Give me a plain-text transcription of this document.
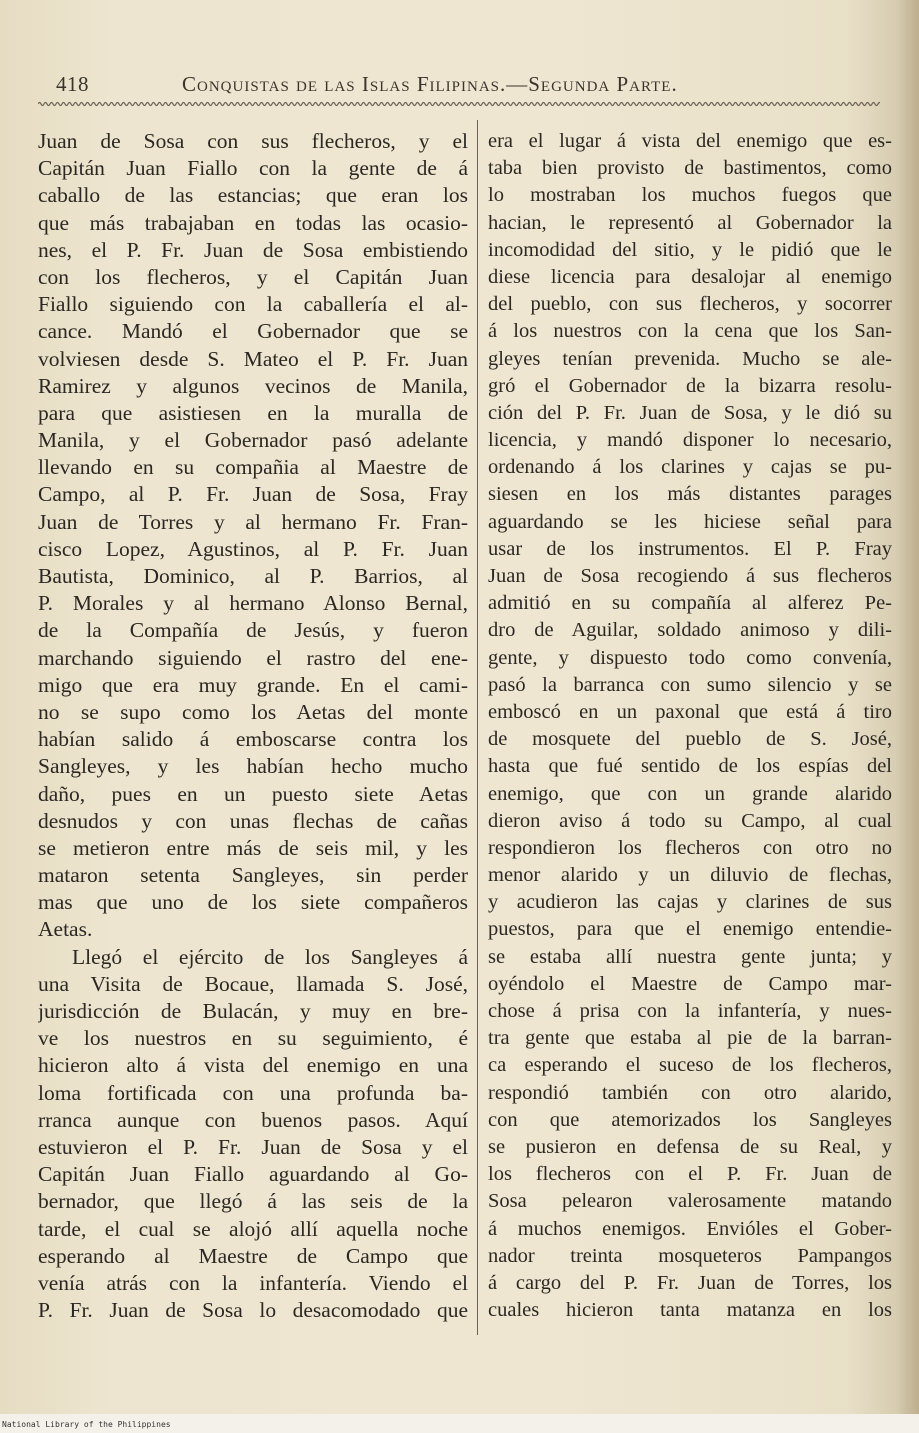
418	Conquistas de las Islas Filipinas.—Segunda Parte.
Juan de Sosa con sus flecheros, y el
Capitán Juan Fiallo con la gente de á
caballo de las estancias; que eran los
que más trabajaban en todas las ocasio-
nes, el P. Fr. Juan de Sosa embistiendo
con los flecheros, y el Capitán Juan
Fiallo siguiendo con la caballería el al-
cance. Mandó el Gobernador que se
volviesen desde S. Mateo el P. Fr. Juan
Ramirez y algunos vecinos de Manila,
para que asistiesen en la muralla de
Manila, y el Gobernador pasó adelante
llevando en su compañia al Maestre de
Campo, al P. Fr. Juan de Sosa, Fray
Juan de Torres y al hermano Fr. Fran-
cisco Lopez, Agustinos, al P. Fr. Juan
Bautista, Dominico, al P. Barrios, al
P. Morales y al hermano Alonso Bernal,
de la Compañía de Jesús, y fueron
marchando siguiendo el rastro del ene-
migo que era muy grande. En el cami-
no se supo como los Aetas del monte
habían salido á emboscarse contra los
Sangleyes, y les habían hecho mucho
daño, pues en un puesto siete Aetas
desnudos y con unas flechas de cañas
se metieron entre más de seis mil, y les
mataron setenta Sangleyes, sin perder
mas que uno de los siete compañeros
Aetas.
Llegó el ejército de los Sangleyes á
una Visita de Bocaue, llamada S. José,
jurisdicción de Bulacán, y muy en bre-
ve los nuestros en su seguimiento, é
hicieron alto á vista del enemigo en una
loma fortificada con una profunda ba-
rranca aunque con buenos pasos. Aquí
estuvieron el P. Fr. Juan de Sosa y el
Capitán Juan Fiallo aguardando al Go-
bernador, que llegó á las seis de la
tarde, el cual se alojó allí aquella noche
esperando al Maestre de Campo que
venía atrás con la infantería. Viendo el
P. Fr. Juan de Sosa lo desacomodado que
era el lugar á vista del enemigo que es-
taba bien provisto de bastimentos, como
lo mostraban los muchos fuegos que
hacian, le representó al Gobernador la
incomodidad del sitio, y le pidió que le
diese licencia para desalojar al enemigo
del pueblo, con sus flecheros, y socorrer
á los nuestros con la cena que los San-
gleyes tenían prevenida. Mucho se ale-
gró el Gobernador de la bizarra resolu-
ción del P. Fr. Juan de Sosa, y le dió su
licencia, y mandó disponer lo necesario,
ordenando á los clarines y cajas se pu-
siesen en los más distantes parages
aguardando se les hiciese señal para
usar de los instrumentos. El P. Fray
Juan de Sosa recogiendo á sus flecheros
admitió en su compañía al alferez Pe-
dro de Aguilar, soldado animoso y dili-
gente, y dispuesto todo como convenía,
pasó la barranca con sumo silencio y se
emboscó en un paxonal que está á tiro
de mosquete del pueblo de S. José,
hasta que fué sentido de los espías del
enemigo, que con un grande alarido
dieron aviso á todo su Campo, al cual
respondieron los flecheros con otro no
menor alarido y un diluvio de flechas,
y acudieron las cajas y clarines de sus
puestos, para que el enemigo entendie-
se estaba allí nuestra gente junta; y
oyéndolo el Maestre de Campo mar-
chose á prisa con la infantería, y nues-
tra gente que estaba al pie de la barran-
ca esperando el suceso de los flecheros,
respondió también con otro alarido,
con que atemorizados los Sangleyes
se pusieron en defensa de su Real, y
los flecheros con el P. Fr. Juan de
Sosa pelearon valerosamente matando
á muchos enemigos. Envióles el Gober-
nador treinta mosqueteros Pampangos
á cargo del P. Fr. Juan de Torres, los
cuales hicieron tanta matanza en los
National Library of the Philippines
